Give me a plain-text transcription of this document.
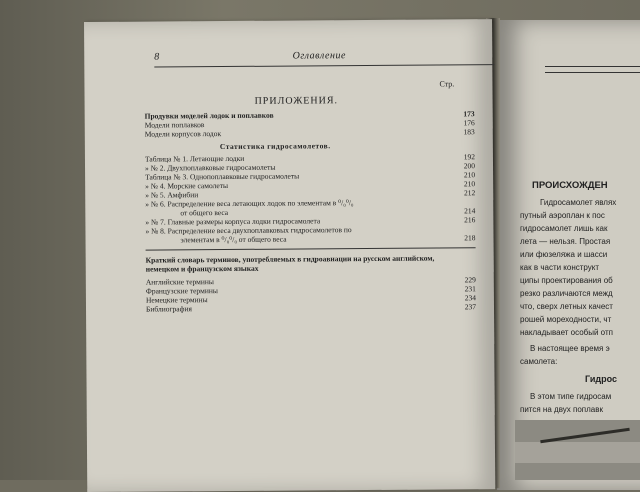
8	Оглавление
Стр.
ПРИЛОЖЕНИЯ.
Продувки моделей лодок и поплавков	173
Модели поплавков	176
Модели корпусов лодок	183
Статистика гидросамолетов.
Таблица № 1. Летающие лодки	192
» № 2. Двухпоплавковые гидросамолеты	200
Таблица № 3. Однопоплавковые гидросамолеты	210
» № 4. Морские самолеты	210
» № 5. Амфибии	212
» № 6. Распределение веса летающих лодок по элементам в ⁰/₀⁰/₀
от общего веса	214
» № 7. Главные размеры корпуса лодки гидросамолета	216
» № 8. Распределение веса двухпоплавковых гидросамолетов по
элементам в ⁰/₀⁰/₀ от общего веса	218
Краткий словарь терминов, употребляемых в гидроавиации на русском английском, немецком и французском языках
Английские термины	229
Французские термины	231
Немецкие термины	234
Библиография	237
ПРОИСХОЖДЕН
Гидросамолет являх
путный аэроплан к пос
гидросамолет лишь как
лета — нельзя. Простая
или фюзеляжа и шасси
как в части конструкт
ципы проектирования об
резко различаются межд
что, сверх летных качест
рошей мореходности, чт
накладывает особый отп
В настоящее время э
самолета:
Гидрос
В этом типе гидросам
пится на двух поплавк
